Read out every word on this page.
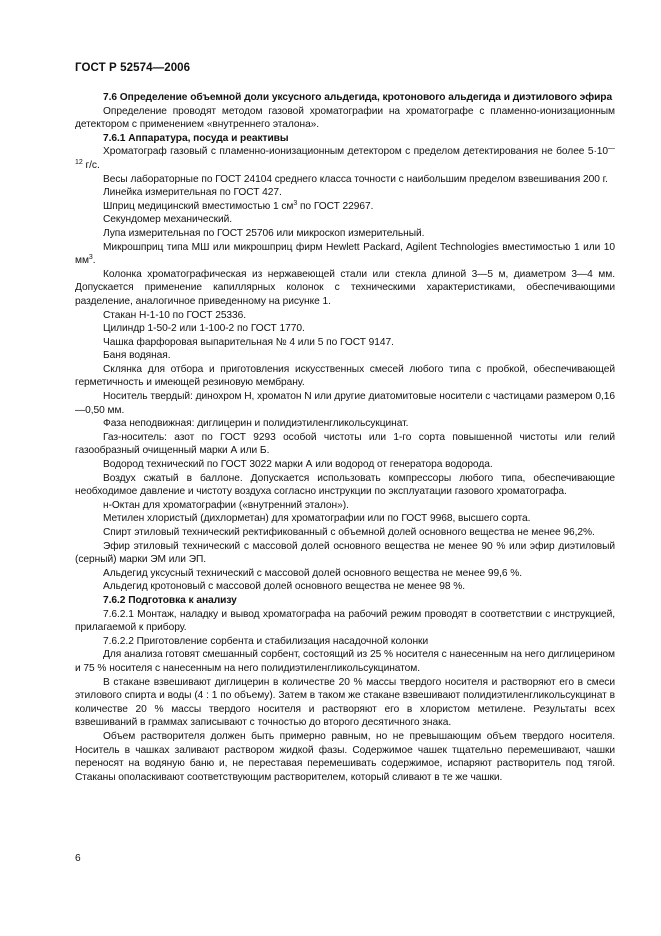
ГОСТ Р 52574—2006
7.6 Определение объемной доли уксусного альдегида, кротонового альдегида и диэтилового эфира
Определение проводят методом газовой хроматографии на хроматографе с пламенно-ионизационным детектором с применением «внутреннего эталона».
7.6.1 Аппаратура, посуда и реактивы
Хроматограф газовый с пламенно-ионизационным детектором с пределом детектирования не более $5\cdot 10^{—12}$ г/с.
Весы лабораторные по ГОСТ 24104 среднего класса точности с наибольшим пределом взвешивания 200 г.
Линейка измерительная по ГОСТ 427.
Шприц медицинский вместимостью 1 $см^3$ по ГОСТ 22967.
Секундомер механический.
Лупа измерительная по ГОСТ 25706 или микроскоп измерительный.
Микрошприц типа МШ или микрошприц фирм Hewlett Packard, Agilent Technologies вместимостью 1 или 10 $мм^3$.
Колонка хроматографическая из нержавеющей стали или стекла длиной 3—5 м, диаметром 3—4 мм. Допускается применение капиллярных колонок с техническими характеристиками, обеспечивающими разделение, аналогичное приведенному на рисунке 1.
Стакан Н-1-10 по ГОСТ 25336.
Цилиндр 1-50-2 или 1-100-2 по ГОСТ 1770.
Чашка фарфоровая выпарительная № 4 или 5 по ГОСТ 9147.
Баня водяная.
Склянка для отбора и приготовления искусственных смесей любого типа с пробкой, обеспечивающей герметичность и имеющей резиновую мембрану.
Носитель твердый: динохром Н, хроматон N или другие диатомитовые носители с частицами размером 0,16—0,50 мм.
Фаза неподвижная: диглицерин и полидиэтиленгликольсукцинат.
Газ-носитель: азот по ГОСТ 9293 особой чистоты или 1-го сорта повышенной чистоты или гелий газообразный очищенный марки А или Б.
Водород технический по ГОСТ 3022 марки А или водород от генератора водорода.
Воздух сжатый в баллоне. Допускается использовать компрессоры любого типа, обеспечивающие необходимое давление и чистоту воздуха согласно инструкции по эксплуатации газового хроматографа.
н-Октан для хроматографии («внутренний эталон»).
Метилен хлористый (дихлорметан) для хроматографии или по ГОСТ 9968, высшего сорта.
Спирт этиловый технический ректификованный с объемной долей основного вещества не менее 96,2%.
Эфир этиловый технический с массовой долей основного вещества не менее 90 % или эфир диэтиловый (серный) марки ЭМ или ЭП.
Альдегид уксусный технический с массовой долей основного вещества не менее 99,6 %.
Альдегид кротоновый с массовой долей основного вещества не менее 98 %.
7.6.2 Подготовка к анализу
7.6.2.1 Монтаж, наладку и вывод хроматографа на рабочий режим проводят в соответствии с инструкцией, прилагаемой к прибору.
7.6.2.2 Приготовление сорбента и стабилизация насадочной колонки
Для анализа готовят смешанный сорбент, состоящий из 25 % носителя с нанесенным на него диглицерином и 75 % носителя с нанесенным на него полидиэтиленгликольсукцинатом.
В стакане взвешивают диглицерин в количестве 20 % массы твердого носителя и растворяют его в смеси этилового спирта и воды (4 : 1 по объему). Затем в таком же стакане взвешивают полидиэтиленгликольсукцинат в количестве 20 % массы твердого носителя и растворяют его в хлористом метилене. Результаты всех взвешиваний в граммах записывают с точностью до второго десятичного знака.
Объем растворителя должен быть примерно равным, но не превышающим объем твердого носителя. Носитель в чашках заливают раствором жидкой фазы. Содержимое чашек тщательно перемешивают, чашки переносят на водяную баню и, не переставая перемешивать содержимое, испаряют растворитель под тягой. Стаканы ополаскивают соответствующим растворителем, который сливают в те же чашки.
6
